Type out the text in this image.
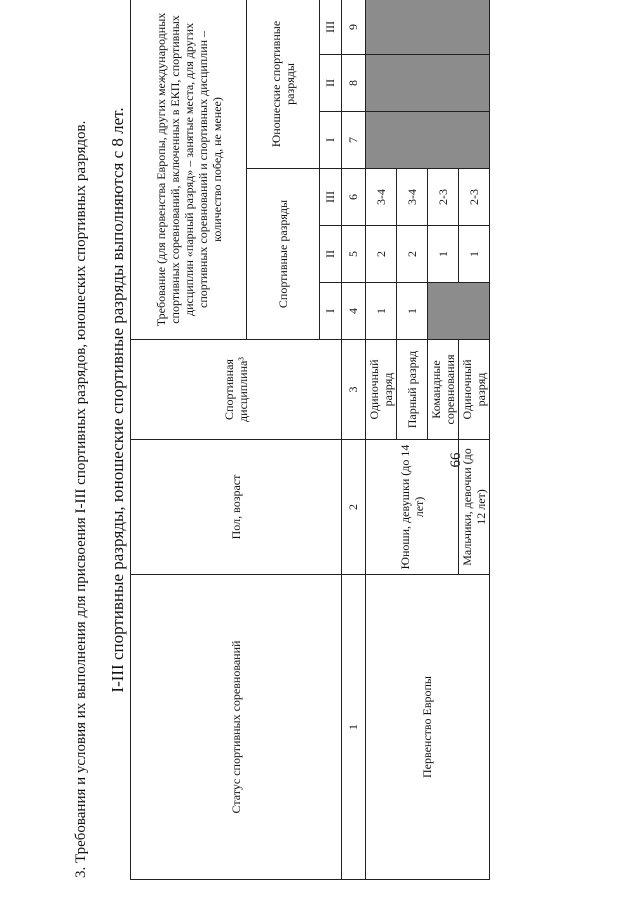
66
3. Требования и условия их выполнения для присвоения I-III спортивных разрядов, юношеских спортивных разрядов. I-III спортивные разряды, юношеские спортивные разряды выполняются с 8 лет.
Статус спортивных соревнований	Пол, возраст	Спортивная дисциплина³	Требование (для первенства Европы, других международных спортивных соревнований, включенных в ЕКП, спортивных дисциплин «парный разряд» – занятые места, для других спортивных соревнований и спортивных дисциплин – количество побед, не менее)					
			Спортивные разряды			Юношеские спортивные разряды		
			I	II	III	I	II	III
1	2	3	4	5	6	7	8	9
Первенство Европы	Юноши, девушки (до 14 лет)	Одиночный разряд	1	2	3-4			
		Парный разряд	1	2	3-4			
		Командные соревнования		1	2-3			
	Мальчики, девочки (до 12 лет)	Одиночный разряд		1	2-3			
